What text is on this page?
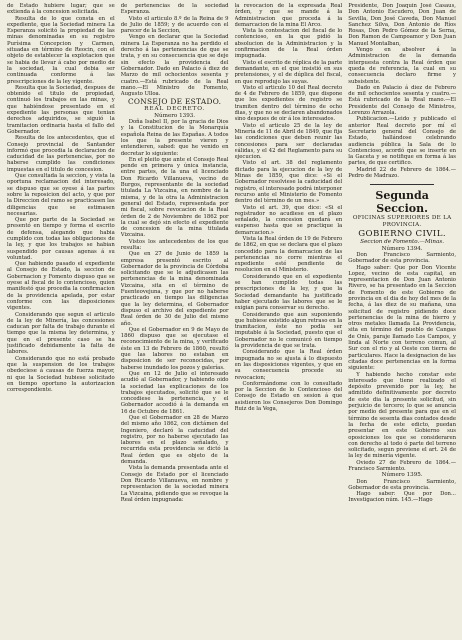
de Estado hubiere lugar; que se extienda á la concesion solicitada.

Resulta de lo que consta en el expediente, que la Sociedad minera La Esperanza solicitó la propiedad de las minas denominadas en su registro Purísima Concepcion y Carmen, situadas en término de Reocin, con el objeto de establecer la explotacion que se habia de llevar á cabo por medio de la sociedad, la cual debia ser continuada conforme á las prescripciones de la ley vigente.

Resulta que la Sociedad, despues de obtenido el titulo de propiedad, continuó los trabajos en las minas, y que habiéndose presentado en el expediente las personas que tenian derechos adquiridos, se siguió la tramitacion ordinaria hasta el fallo del Gobernador.

Resulta de los antecedentes, que el Consejo provincial de Santander informó que procedia la declaracion de caducidad de las pertenencias, por no haberse cumplido las condiciones impuestas en el titulo de concesion.

Que consultada la seccion, y vista la oportuna reclamacion del interesado, se dispuso que se oyese á las partes sobre la reposicion del acto, y que por la Direccion del ramo se practicasen las diligencias que se estimasen necesarias.

Que por parte de la Sociedad se presentó en tiempo y forma el escrito de defensa, alegando que habia cumplido con todas las obligaciones de la ley, y que los trabajos se habian suspendido por causas agenas á su voluntad.

Que habiendo pasado el expediente al Consejo de Estado, la seccion de Gobernacion y Fomento dispuso que se oyese al fiscal de lo contencioso, quien manifestó que procedia la confirmacion de la providencia apelada, por estar conforme con las disposiciones vigentes.

Considerando que segun el articulo de la ley de Minería, las concesiones caducan por falta de trabajo durante el tiempo que la misma ley determina, y que en el presente caso se ha justificado debidamente la falta de labores.

Considerando que no está probado que la suspension de los trabajos obedeciese á causas de fuerza mayor, ni que la Sociedad hubiese solicitado en tiempo oportuno la autorizacion correspondiente.

de pertenencias de la sociedad Esperanza.

Visto el articulo 8.º de la Reina de 9 de Julio de 1859; y de acuerdo con el parecer de la Seccion,

Vengo en declarar que la Sociedad minera La Esperanza no ha perdido el derecho á las pertenencias de que se trata, y en su consecuencia que se deje sin efecto la providencia del Gobernador. Dado en Palacio á diez de Marzo de mil ochocientos sesenta y cuatro.—Está rubricado de la Real mano.—El Ministro de Fomento, Augusto Ulloa.

CONSEJO DE ESTADO.

REAL DECRETO.

Número 1393.

Doña Isabel II, por la gracia de Dios y la Constitucion de la Monarquía española Reina de las Españas. A todos los que la presente vieren y entendieren, sabed: que he venido en decretar lo siguiente:

En el pleito que ante el Consejo Real pende en primera y única instancia, entre partes, de la una el licenciado Don Ricardo Villanueva, vecino de Burgos, representante de la sociedad titulada La Vizcaina, en nombre de la misma, y de la otra la Administracion general del Estado, representada por mi fiscal, sobre revocacion de la Real órden de 2 de Noviembre de 1862 por la cual se dejó sin efecto el expediente de concesion de la mina titulada Vizcaina.

Vistos los antecedentes de los que resulta:

Que en 27 de Junio de 1859 la empresa presentó escrito al Gobernador de la provincia de Córdoba solicitando que se le adjudicasen las pertenencias de la mina denominada Vizcaina, sita en el término de Fuenteovejuna, y que por no haberse practicado en tiempo las diligencias que la ley determina, el Gobernador dispuso el archivo del expediente por Real órden de 30 de Julio del mismo año.

Que el Gobernador en 9 de Mayo de 1860 dispuso que se ejecutase el reconocimiento de la mina, y verificado éste en 13 de Febrero de 1860, resultó que las labores no estaban en disposicion de ser reconocidas, por haberse inundado los pozos y galerías.

Que en 12 de Julio el interesado acudió al Gobernador, y habiendo oido la sociedad las explicaciones de los trabajos ejecutados, solicitó que se le concediese la pertenencia, y el Gobernador accedió á la demanda en 16 de Octubre de 1861.

Que el Gobernador en 28 de Marzo del mismo año 1862, con dictámen del Ingeniero, declaró la caducidad del registro, por no haberse ejecutado las labores en el plazo señalado, y recurrida esta providencia se dictó la Real órden que es objeto de la demanda.

Vista la demanda presentada ante el Consejo de Estado por el licenciado Don Ricardo Villanueva, en nombre y representacion de la sociedad minera La Vizcaina, pidiendo que se revoque la Real órden impugnada:

la revocacion de la expresada Real órden, y que se mande á la Administracion que proceda á la demarcacion de la mina El Arco.

Vista la contestacion del fiscal de lo contencioso, en la que pidió la absolucion de la Administracion y la confirmacion de la Real órden impugnada.

Visto el escrito de réplica de la parte demandante, en el que insistió en sus pretensiones, y el de dúplica del fiscal, en que reprodujo las suyas.

Visto el articulo 10 del Real decreto de 4 de Febrero de 1859, que dispone que los expedientes de registro se tramiten dentro del término de ocho dias, y que no se declaren abandonados sino despues de oir á los interesados.

Visto el articulo 25 de la ley de Minería de 11 de Abril de 1849, que fija las condiciones que deben reunir las concesiones para ser declaradas válidas, y el 42 del Reglamento para su ejecucion.

Visto el art. 38 del reglamento dictado para la ejecucion de la ley de Minas de 1859, que dice: «Si el Gobernador resolviese la caducidad del registro, el interesado podrá interponer recurso ante el Ministerio de Fomento dentro del término de un mes.»

Visto el art. 39, que dice: «Si el registrador no acudiese en el plazo señalado, la concesion quedará en suspenso hasta que se practique la demarcacion.»

Vista la Real órden de 19 de Febrero de 1862, en que se declara que el plazo concedido para la demarcacion de las pertenencias no corre mientras el expediente esté pendiente de resolucion en el Ministerio.

Considerando que en el expediente se han cumplido todas las prescripciones de la ley, y que la Sociedad demandante ha justificado haber ejecutado las labores que se le exigian para conservar su derecho.

Considerando que aun suponiendo que hubiese existido algun retraso en la tramitacion, éste no podia ser imputable á la Sociedad, puesto que el Gobernador no le comunicó en tiempo la providencia de que se trata.

Considerando que la Real órden impugnada no se ajusta á lo dispuesto en las disposiciones vigentes, y que en su consecuencia procede su revocacion;

Conformándome con lo consultado por la Seccion de lo Contencioso del Consejo de Estado en sesion á que asistieron los Consejeros Don Domingo Ruiz de la Vega,

Presidente, Don Joaquin José Casaus, Don Antonio Escudero, Don Juan de Sevilla, Don José Caveda, Don Manuel Sanchez Silva, Don Antonio de Ríos Rosas, Don Pedro Gómez de la Serna, Don Ramon de Campoamor y Don Juan Manuel Montalban,

Vengo en absolver á la Administracion de la demanda interpuesta contra la Real órden que queda de referencia, la cual en su consecuencia declaro firme y subsistente.

Dado en Palacio á diez de Febrero de mil ochocientos sesenta y cuatro.—Está rubricado de la Real mano.—El Presidente del Consejo de Ministros, Lorenzo Arrazola.

Publicacion.—Leido y publicado el anterior Real decreto por mí el Secretario general del Consejo de Estado, hallándose celebrando audiencia pública la Sala de lo Contencioso, acordó que se inserte en la Gaceta y se notifique en forma á las partes, de que certifico.

Madrid 22 de Febrero de 1864.—Pedro de Madrazo.

Segunda Seccion.

OFICINAS SUPERIORES DE LA PROVINCIA.

GOBIERNO CIVIL.

Seccion de Fomento.—Minas.

Número 1394.

Don Francisco Sarmiento, Gobernador de esta provincia.

Hago saber: Que por Don Vicente Lopez, vecino de esta capital, en representacion de Don Juan Antonio Rivero, se ha presentado en la Seccion de Fomento de este Gobierno de provincia en el dia de hoy del mes de la fecha, á las diez de su mañana, una solicitud de registro pidiendo doce pertenencias de la mina de hierro y otros metales llamada La Providencia, sita en término del pueblo de Cangas de Onís, paraje llamado Los Campos, y linda al Norte con terreno comun, al Sur con el rio y al Oeste con tierra de particulares. Hace la designacion de las citadas doce pertenencias en la forma siguiente:

Y habiendo hecho constar este interesado que tiene realizado el depósito prevenido por la ley, he admitido definitivamente por decreto de este dia la presente solicitud, sin perjuicio de tercero; lo que se anuncia por medio del presente para que en el término de sesenta dias contados desde la fecha de este edicto, puedan presentar en este Gobierno sus oposiciones los que se consideraren con derecho al todo ó parte del terreno solicitado, segun previene el art. 24 de la ley de minería vigente.

Oviedo 27 de Febrero de 1864.—Francisco Sarmiento.

Número 1395.

Don Francisco Sarmiento, Gobernador de esta provincia.

Hago saber: Que por Don... Investigacion núm. 145.—Hago
